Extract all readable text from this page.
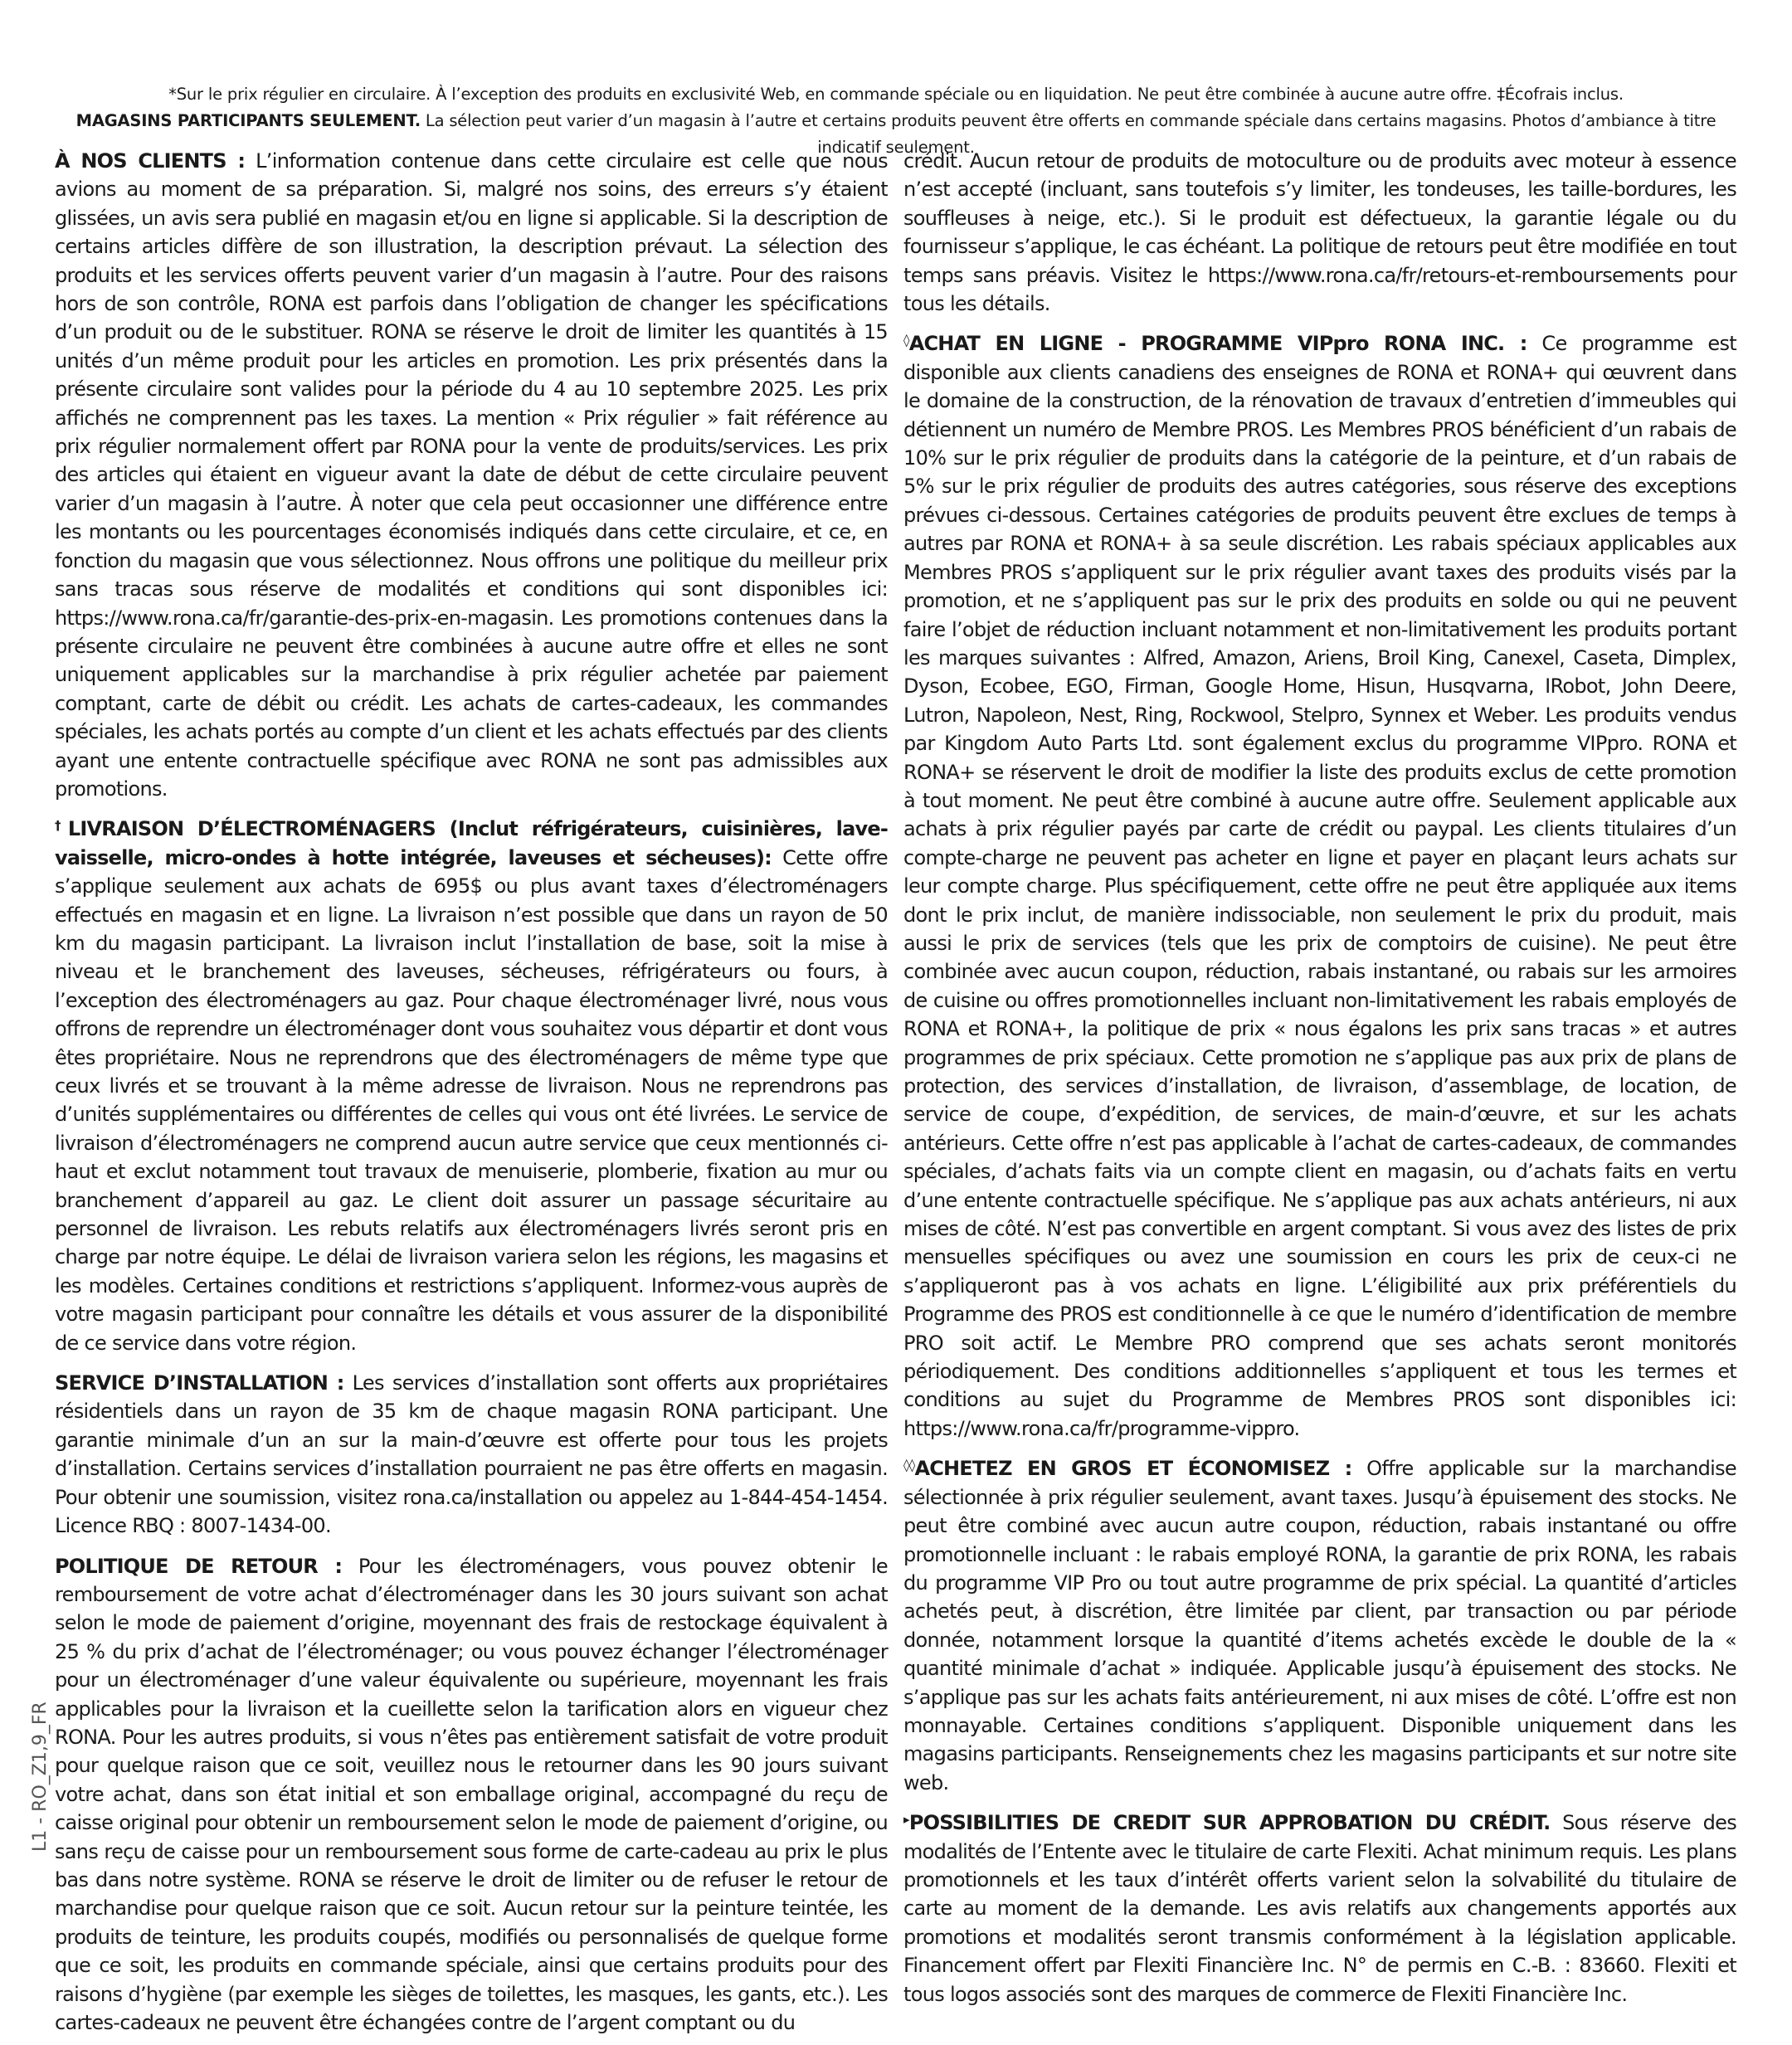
*Sur le prix régulier en circulaire. À l’exception des produits en exclusivité Web, en commande spéciale ou en liquidation. Ne peut être combinée à aucune autre offre. ‡Écofrais inclus.
MAGASINS PARTICIPANTS SEULEMENT. La sélection peut varier d’un magasin à l’autre et certains produits peuvent être offerts en commande spéciale dans certains magasins. Photos d’ambiance à titre indicatif seulement.

À NOS CLIENTS : L’information contenue dans cette circulaire est celle que nous avions au moment de sa préparation. Si, malgré nos soins, des erreurs s’y étaient glissées, un avis sera publié en magasin et/ou en ligne si applicable. Si la description de certains articles diffère de son illustration, la description prévaut. La sélection des produits et les services offerts peuvent varier d’un magasin à l’autre. Pour des raisons hors de son contrôle, RONA est parfois dans l’obligation de changer les spécifications d’un produit ou de le substituer. RONA se réserve le droit de limiter les quantités à 15 unités d’un même produit pour les articles en promotion. Les prix présentés dans la présente circulaire sont valides pour la période du 4 au 10 septembre 2025. Les prix affichés ne comprennent pas les taxes. La mention « Prix régulier » fait référence au prix régulier normalement offert par RONA pour la vente de produits/services. Les prix des articles qui étaient en vigueur avant la date de début de cette circulaire peuvent varier d’un magasin à l’autre. À noter que cela peut occasionner une différence entre les montants ou les pourcentages économisés indiqués dans cette circulaire, et ce, en fonction du magasin que vous sélectionnez. Nous offrons une politique du meilleur prix sans tracas sous réserve de modalités et conditions qui sont disponibles ici: https://www.rona.ca/fr/garantie-des-prix-en-magasin. Les promotions contenues dans la présente circulaire ne peuvent être combinées à aucune autre offre et elles ne sont uniquement applicables sur la marchandise à prix régulier achetée par paiement comptant, carte de débit ou crédit. Les achats de cartes-cadeaux, les commandes spéciales, les achats portés au compte d’un client et les achats effectués par des clients ayant une entente contractuelle spécifique avec RONA ne sont pas admissibles aux promotions.

†LIVRAISON D’ÉLECTROMÉNAGERS (Inclut réfrigérateurs, cuisinières, lave-vaisselle, micro-ondes à hotte intégrée, laveuses et sécheuses): Cette offre s’applique seulement aux achats de 695$ ou plus avant taxes d’électroménagers effectués en magasin et en ligne. La livraison n’est possible que dans un rayon de 50 km du magasin participant. La livraison inclut l’installation de base, soit la mise à niveau et le branchement des laveuses, sécheuses, réfrigérateurs ou fours, à l’exception des électroménagers au gaz. Pour chaque électroménager livré, nous vous offrons de reprendre un électroménager dont vous souhaitez vous départir et dont vous êtes propriétaire. Nous ne reprendrons que des électroménagers de même type que ceux livrés et se trouvant à la même adresse de livraison. Nous ne reprendrons pas d’unités supplémentaires ou différentes de celles qui vous ont été livrées. Le service de livraison d’électroménagers ne comprend aucun autre service que ceux mentionnés ci-haut et exclut notamment tout travaux de menuiserie, plomberie, fixation au mur ou branchement d’appareil au gaz. Le client doit assurer un passage sécuritaire au personnel de livraison. Les rebuts relatifs aux électroménagers livrés seront pris en charge par notre équipe. Le délai de livraison variera selon les régions, les magasins et les modèles. Certaines conditions et restrictions s’appliquent. Informez-vous auprès de votre magasin participant pour connaître les détails et vous assurer de la disponibilité de ce service dans votre région.

SERVICE D’INSTALLATION : Les services d’installation sont offerts aux propriétaires résidentiels dans un rayon de 35 km de chaque magasin RONA participant. Une garantie minimale d’un an sur la main-d’œuvre est offerte pour tous les projets d’installation. Certains services d’installation pourraient ne pas être offerts en magasin. Pour obtenir une soumission, visitez rona.ca/installation ou appelez au 1-844-454-1454. Licence RBQ : 8007-1434-00.

POLITIQUE DE RETOUR : Pour les électroménagers, vous pouvez obtenir le remboursement de votre achat d’électroménager dans les 30 jours suivant son achat selon le mode de paiement d’origine, moyennant des frais de restockage équivalent à 25 % du prix d’achat de l’électroménager; ou vous pouvez échanger l’électroménager pour un électroménager d’une valeur équivalente ou supérieure, moyennant les frais applicables pour la livraison et la cueillette selon la tarification alors en vigueur chez RONA. Pour les autres produits, si vous n’êtes pas entièrement satisfait de votre produit pour quelque raison que ce soit, veuillez nous le retourner dans les 90 jours suivant votre achat, dans son état initial et son emballage original, accompagné du reçu de caisse original pour obtenir un remboursement selon le mode de paiement d’origine, ou sans reçu de caisse pour un remboursement sous forme de carte-cadeau au prix le plus bas dans notre système. RONA se réserve le droit de limiter ou de refuser le retour de marchandise pour quelque raison que ce soit. Aucun retour sur la peinture teintée, les produits de teinture, les produits coupés, modifiés ou personnalisés de quelque forme que ce soit, les produits en commande spéciale, ainsi que certains produits pour des raisons d’hygiène (par exemple les sièges de toilettes, les masques, les gants, etc.). Les cartes-cadeaux ne peuvent être échangées contre de l’argent comptant ou du

crédit. Aucun retour de produits de motoculture ou de produits avec moteur à essence n’est accepté (incluant, sans toutefois s’y limiter, les tondeuses, les taille-bordures, les souffleuses à neige, etc.). Si le produit est défectueux, la garantie légale ou du fournisseur s’applique, le cas échéant. La politique de retours peut être modifiée en tout temps sans préavis. Visitez le https://www.rona.ca/fr/retours-et-remboursements pour tous les détails.

◊ACHAT EN LIGNE - PROGRAMME VIPpro RONA INC. : Ce programme est disponible aux clients canadiens des enseignes de RONA et RONA+ qui œuvrent dans le domaine de la construction, de la rénovation de travaux d’entretien d’immeubles qui détiennent un numéro de Membre PROS. Les Membres PROS bénéficient d’un rabais de 10% sur le prix régulier de produits dans la catégorie de la peinture, et d’un rabais de 5% sur le prix régulier de produits des autres catégories, sous réserve des exceptions prévues ci-dessous. Certaines catégories de produits peuvent être exclues de temps à autres par RONA et RONA+ à sa seule discrétion. Les rabais spéciaux applicables aux Membres PROS s’appliquent sur le prix régulier avant taxes des produits visés par la promotion, et ne s’appliquent pas sur le prix des produits en solde ou qui ne peuvent faire l’objet de réduction incluant notamment et non-limitativement les produits portant les marques suivantes : Alfred, Amazon, Ariens, Broil King, Canexel, Caseta, Dimplex, Dyson, Ecobee, EGO, Firman, Google Home, Hisun, Husqvarna, IRobot, John Deere, Lutron, Napoleon, Nest, Ring, Rockwool, Stelpro, Synnex et Weber. Les produits vendus par Kingdom Auto Parts Ltd. sont également exclus du programme VIPpro. RONA et RONA+ se réservent le droit de modifier la liste des produits exclus de cette promotion à tout moment. Ne peut être combiné à aucune autre offre. Seulement applicable aux achats à prix régulier payés par carte de crédit ou paypal. Les clients titulaires d’un compte-charge ne peuvent pas acheter en ligne et payer en plaçant leurs achats sur leur compte charge. Plus spécifiquement, cette offre ne peut être appliquée aux items dont le prix inclut, de manière indissociable, non seulement le prix du produit, mais aussi le prix de services (tels que les prix de comptoirs de cuisine). Ne peut être combinée avec aucun coupon, réduction, rabais instantané, ou rabais sur les armoires de cuisine ou offres promotionnelles incluant non-limitativement les rabais employés de RONA et RONA+, la politique de prix « nous égalons les prix sans tracas » et autres programmes de prix spéciaux. Cette promotion ne s’applique pas aux prix de plans de protection, des services d’installation, de livraison, d’assemblage, de location, de service de coupe, d’expédition, de services, de main-d’œuvre, et sur les achats antérieurs. Cette offre n’est pas applicable à l’achat de cartes-cadeaux, de commandes spéciales, d’achats faits via un compte client en magasin, ou d’achats faits en vertu d’une entente contractuelle spécifique. Ne s’applique pas aux achats antérieurs, ni aux mises de côté. N’est pas convertible en argent comptant. Si vous avez des listes de prix mensuelles spécifiques ou avez une soumission en cours les prix de ceux-ci ne s’appliqueront pas à vos achats en ligne. L’éligibilité aux prix préférentiels du Programme des PROS est conditionnelle à ce que le numéro d’identification de membre PRO soit actif. Le Membre PRO comprend que ses achats seront monitorés périodiquement. Des conditions additionnelles s’appliquent et tous les termes et conditions au sujet du Programme de Membres PROS sont disponibles ici: https://www.rona.ca/fr/programme-vippro.

◊◊ACHETEZ EN GROS ET ÉCONOMISEZ : Offre applicable sur la marchandise sélectionnée à prix régulier seulement, avant taxes. Jusqu’à épuisement des stocks. Ne peut être combiné avec aucun autre coupon, réduction, rabais instantané ou offre promotionnelle incluant : le rabais employé RONA, la garantie de prix RONA, les rabais du programme VIP Pro ou tout autre programme de prix spécial. La quantité d’articles achetés peut, à discrétion, être limitée par client, par transaction ou par période donnée, notamment lorsque la quantité d’items achetés excède le double de la « quantité minimale d’achat » indiquée. Applicable jusqu’à épuisement des stocks. Ne s’applique pas sur les achats faits antérieurement, ni aux mises de côté. L’offre est non monnayable. Certaines conditions s’appliquent. Disponible uniquement dans les magasins participants. Renseignements chez les magasins participants et sur notre site web.

▸POSSIBILITIES DE CREDIT SUR APPROBATION DU CRÉDIT. Sous réserve des modalités de l’Entente avec le titulaire de carte Flexiti. Achat minimum requis. Les plans promotionnels et les taux d’intérêt offerts varient selon la solvabilité du titulaire de carte au moment de la demande. Les avis relatifs aux changements apportés aux promotions et modalités seront transmis conformément à la législation applicable. Financement offert par Flexiti Financière Inc. N° de permis en C.-B. : 83660. Flexiti et tous logos associés sont des marques de commerce de Flexiti Financière Inc.

L1 - RO_Z1,9_FR
